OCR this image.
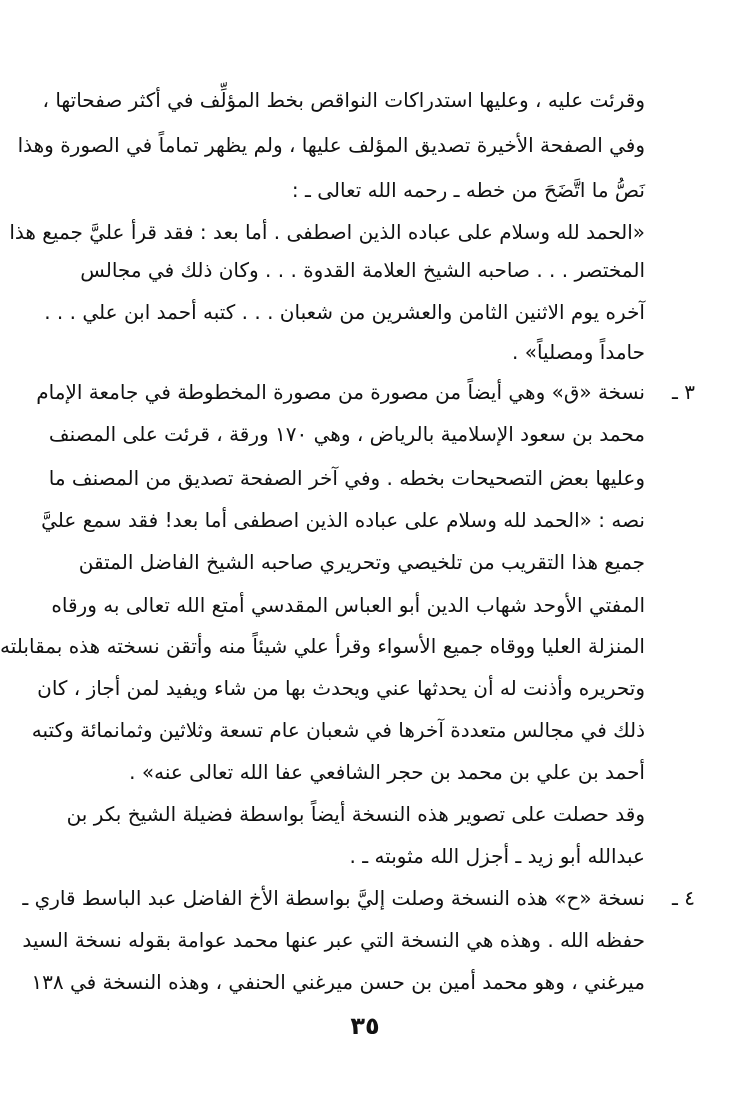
وقرئت عليه ، وعليها استدراكات النواقص بخط المؤلِّف في أكثر صفحاتها ،
وفي الصفحة الأخيرة تصديق المؤلف عليها ، ولم يظهر تماماً في الصورة وهذا
نَصُّ ما اتَّضَحَ من خطه ـ رحمه الله تعالى ـ :
«الحمد لله وسلام على عباده الذين اصطفى . أما بعد : فقد قرأ عليَّ جميع هذا
المختصر . . . صاحبه الشيخ العلامة القدوة . . . وكان ذلك في مجالس
آخره يوم الاثنين الثامن والعشرين من شعبان . . . كتبه أحمد ابن علي . . .
حامداً ومصلياً» .
٣ ـ
نسخة «ق» وهي أيضاً من مصورة من مصورة المخطوطة في جامعة الإمام
محمد بن سعود الإسلامية بالرياض ، وهي ١٧٠ ورقة ، قرئت على المصنف
وعليها بعض التصحيحات بخطه . وفي آخر الصفحة تصديق من المصنف ما
نصه : «الحمد لله وسلام على عباده الذين اصطفى أما بعد! فقد سمع عليَّ
جميع هذا التقريب من تلخيصي وتحريري صاحبه الشيخ الفاضل المتقن
المفتي الأوحد شهاب الدين أبو العباس المقدسي أمتع الله تعالى به ورقاه
المنزلة العليا ووقاه جميع الأسواء وقرأ علي شيئاً منه وأتقن نسخته هذه بمقابلته
وتحريره وأذنت له أن يحدثها عني ويحدث بها من شاء ويفيد لمن أجاز ، كان
ذلك في مجالس متعددة آخرها في شعبان عام تسعة وثلاثين وثمانمائة وكتبه
أحمد بن علي بن محمد بن حجر الشافعي عفا الله تعالى عنه» .
وقد حصلت على تصوير هذه النسخة أيضاً بواسطة فضيلة الشيخ بكر بن
عبدالله أبو زيد ـ أجزل الله مثوبته ـ .
٤ ـ
نسخة «ح» هذه النسخة وصلت إليَّ بواسطة الأخ الفاضل عبد الباسط قاري ـ
حفظه الله . وهذه هي النسخة التي عبر عنها محمد عوامة بقوله نسخة السيد
ميرغني ، وهو محمد أمين بن حسن ميرغني الحنفي ، وهذه النسخة في ١٣٨
٣٥
